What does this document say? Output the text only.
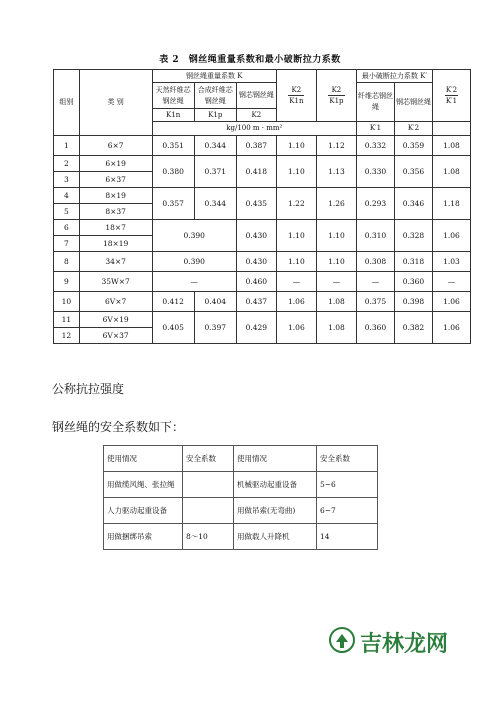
表 2　钢丝绳重量系数和最小破断拉力系数
组别	类 别	钢丝绳重量系数 K			$\frac{K2}{K1n}$	$\frac{K2}{K1p}$	最小破断拉力系数 K′		$\frac{K'2}{K'1}$

		天然纤维芯钢丝绳	合成纤维芯钢丝绳	钢芯钢丝绳			纤维芯钢丝绳	钢芯钢丝绳	
		K1n	K1p	K2					
		kg/100 m · mm²					K′1	K′2	
1	6×7	0.351	0.344	0.387	1.10	1.12	0.332	0.359	1.08
2	6×19	0.380	0.371	0.418	1.10	1.13	0.330	0.356	1.08
3	6×37								
4	8×19	0.357	0.344	0.435	1.22	1.26	0.293	0.346	1.18
5	8×37								
6	18×7	0.390		0.430	1.10	1.10	0.310	0.328	1.06
7	18×19								
8	34×7	0.390		0.430	1.10	1.10	0.308	0.318	1.03
9	35W×7	—		0.460	—	—	—	0.360	—
10	6V×7	0.412	0.404	0.437	1.06	1.08	0.375	0.398	1.06
11	6V×19	0.405	0.397	0.429	1.06	1.08	0.360	0.382	1.06
12	6V×37								
公称抗拉强度
钢丝绳的安全系数如下：
使用情况	安全系数	使用情况	安全系数
用做缆风绳、张拉绳		机械驱动起重设备	5~6
人力驱动起重设备		用做吊索(无弯曲)	6~7
用做捆绑吊索	8～10	用做载人升降机	14
吉林龙网
